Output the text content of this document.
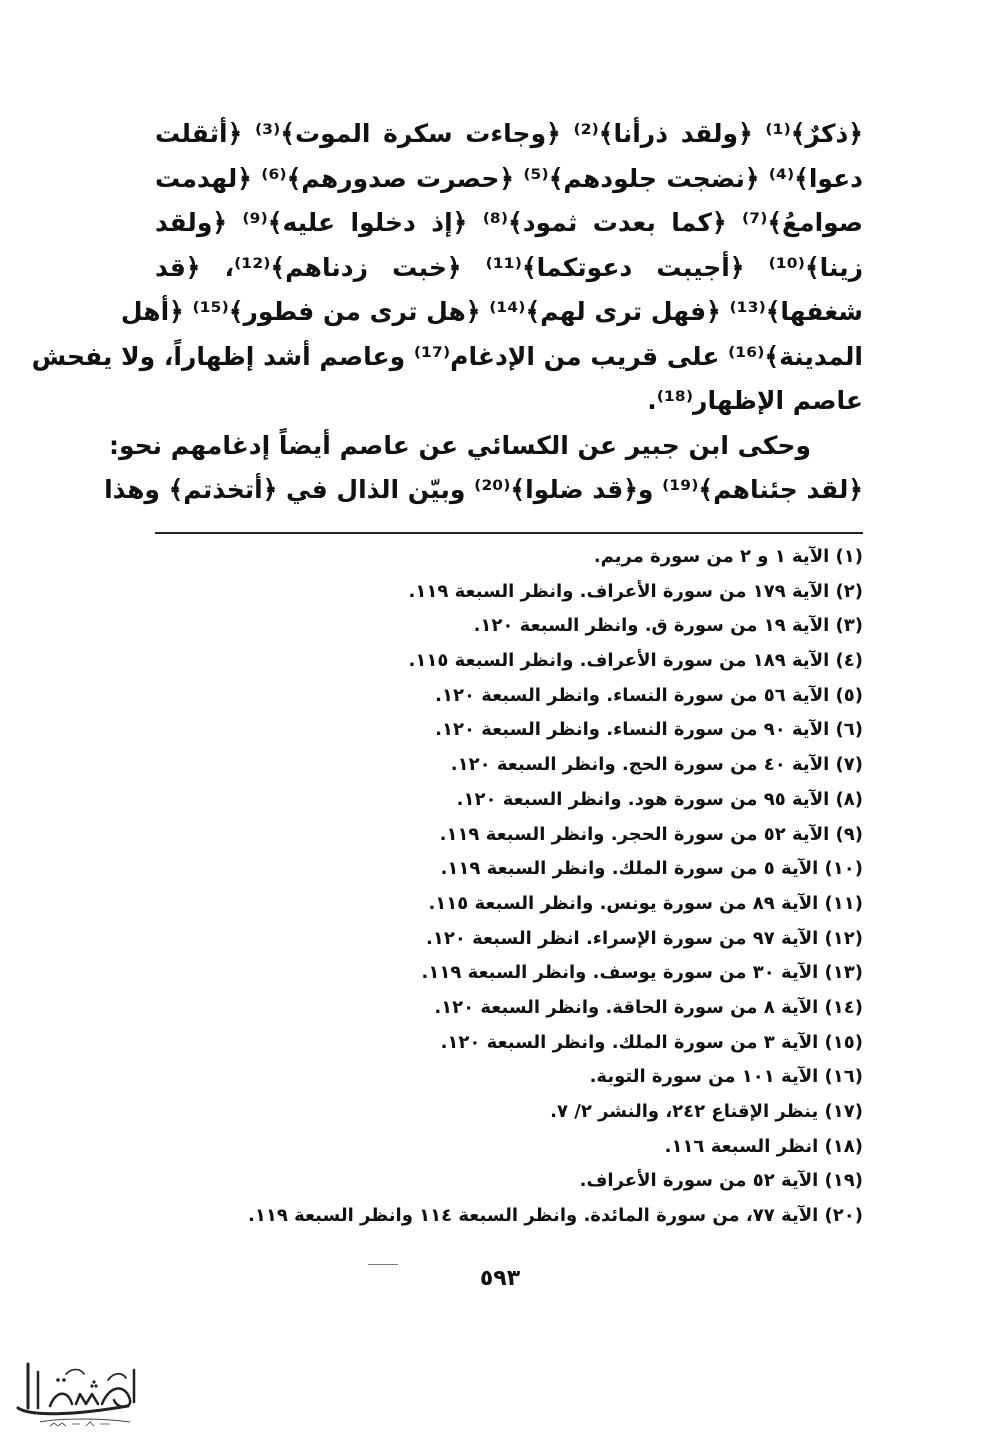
﴿ذكرٌ﴾⁽¹⁾ ﴿ولقد ذرأنا﴾⁽²⁾ ﴿وجاءت سكرة الموت﴾⁽³⁾ ﴿أثقلت
دعوا﴾⁽⁴⁾ ﴿نضجت جلودهم﴾⁽⁵⁾ ﴿حصرت صدورهم﴾⁽⁶⁾ ﴿لهدمت
صوامعُ﴾⁽⁷⁾ ﴿كما بعدت ثمود﴾⁽⁸⁾ ﴿إذ دخلوا عليه﴾⁽⁹⁾ ﴿ولقد
زينا﴾⁽¹⁰⁾ ﴿أجيبت دعوتكما﴾⁽¹¹⁾ ﴿خبت زدناهم﴾⁽¹²⁾، ﴿قد
شغفها﴾⁽¹³⁾ ﴿فهل ترى لهم﴾⁽¹⁴⁾ ﴿هل ترى من فطور﴾⁽¹⁵⁾ ﴿أهل
المدينة﴾⁽¹⁶⁾ على قريب من الإدغام⁽¹⁷⁾ وعاصم أشد إظهاراً، ولا يفحش
عاصم الإظهار⁽¹⁸⁾.
وحكى ابن جبير عن الكسائي عن عاصم أيضاً إدغامهم نحو:
﴿لقد جئناهم﴾⁽¹⁹⁾ و﴿قد ضلوا﴾⁽²⁰⁾ وبيّن الذال في ﴿أتخذتم﴾ وهذا
(١) الآية ١ و ٢ من سورة مريم.
(٢) الآية ١٧٩ من سورة الأعراف. وانظر السبعة ١١٩.
(٣) الآية ١٩ من سورة ق. وانظر السبعة ١٢٠.
(٤) الآية ١٨٩ من سورة الأعراف. وانظر السبعة ١١٥.
(٥) الآية ٥٦ من سورة النساء. وانظر السبعة ١٢٠.
(٦) الآية ٩٠ من سورة النساء. وانظر السبعة ١٢٠.
(٧) الآية ٤٠ من سورة الحج. وانظر السبعة ١٢٠.
(٨) الآية ٩٥ من سورة هود. وانظر السبعة ١٢٠.
(٩) الآية ٥٢ من سورة الحجر. وانظر السبعة ١١٩.
(١٠) الآية ٥ من سورة الملك. وانظر السبعة ١١٩.
(١١) الآية ٨٩ من سورة يونس. وانظر السبعة ١١٥.
(١٢) الآية ٩٧ من سورة الإسراء. انظر السبعة ١٢٠.
(١٣) الآية ٣٠ من سورة يوسف. وانظر السبعة ١١٩.
(١٤) الآية ٨ من سورة الحاقة. وانظر السبعة ١٢٠.
(١٥) الآية ٣ من سورة الملك. وانظر السبعة ١٢٠.
(١٦) الآية ١٠١ من سورة التوبة.
(١٧) ينظر الإقناع ٢٤٢، والنشر ٢/ ٧.
(١٨) انظر السبعة ١١٦.
(١٩) الآية ٥٢ من سورة الأعراف.
(٢٠) الآية ٧٧، من سورة المائدة. وانظر السبعة ١١٤ وانظر السبعة ١١٩.
٥٩٣
